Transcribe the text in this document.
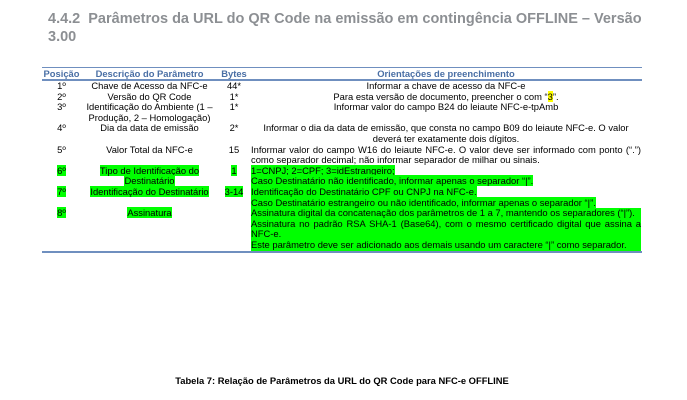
4.4.2 Parâmetros da URL do QR Code na emissão em contingência OFFLINE – Versão 3.00
Posição	Descrição do Parâmetro	Bytes	Orientações de preenchimento
1º	Chave de Acesso da NFC-e	44*	Informar a chave de acesso da NFC-e
2º	Versão do QR Code	1*	Para esta versão de documento, preencher o com “3”.
3º	Identificação do Ambiente (1 – Produção, 2 – Homologação)	1*	Informar valor do campo B24 do leiaute NFC-e-tpAmb
4º	Dia da data de emissão	2*	Informar o dia da data de emissão, que consta no campo B09 do leiaute NFC-e. O valor deverá ter exatamente dois dígitos.
5º	Valor Total da NFC-e	15	Informar valor do campo W16 do leiaute NFC-e. O valor deve ser informado com ponto (“.”) como separador decimal; não informar separador de milhar ou sinais.
6º	Tipo de Identificação do Destinatário	1	1=CNPJ; 2=CPF; 3=idEstrangeiro;
Caso Destinatário não identificado, informar apenas o separador “|”.
7º	Identificação do Destinatário	3-14	Identificação do Destinatário CPF ou CNPJ na NFC-e.
Caso Destinatário estrangeiro ou não identificado, informar apenas o separador “|”.
8º	Assinatura		Assinatura digital da concatenação dos parâmetros de 1 a 7, mantendo os separadores (“|”).
Assinatura no padrão RSA SHA-1 (Base64), com o mesmo certificado digital que assina a NFC-e.
Este parâmetro deve ser adicionado aos demais usando um caractere “|” como separador.
Tabela 7: Relação de Parâmetros da URL do QR Code para NFC-e OFFLINE
